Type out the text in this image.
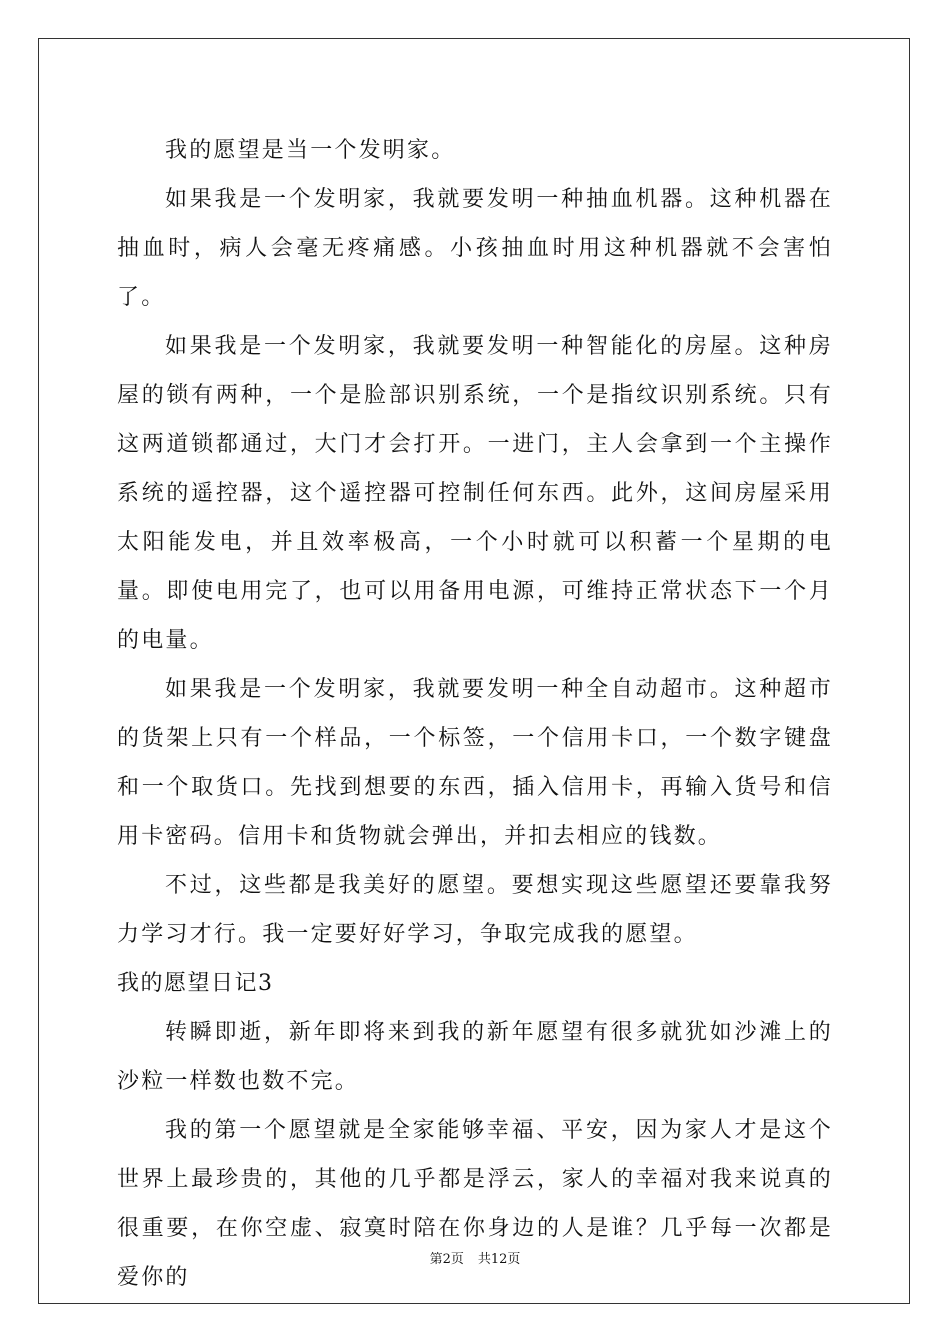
我的愿望是当一个发明家。

如果我是一个发明家，我就要发明一种抽血机器。这种机器在抽血时，病人会毫无疼痛感。小孩抽血时用这种机器就不会害怕了。

如果我是一个发明家，我就要发明一种智能化的房屋。这种房屋的锁有两种，一个是脸部识别系统，一个是指纹识别系统。只有这两道锁都通过，大门才会打开。一进门，主人会拿到一个主操作系统的遥控器，这个遥控器可控制任何东西。此外，这间房屋采用太阳能发电，并且效率极高，一个小时就可以积蓄一个星期的电量。即使电用完了，也可以用备用电源，可维持正常状态下一个月的电量。

如果我是一个发明家，我就要发明一种全自动超市。这种超市的货架上只有一个样品，一个标签，一个信用卡口，一个数字键盘和一个取货口。先找到想要的东西，插入信用卡，再输入货号和信用卡密码。信用卡和货物就会弹出，并扣去相应的钱数。

不过，这些都是我美好的愿望。要想实现这些愿望还要靠我努力学习才行。我一定要好好学习，争取完成我的愿望。

我的愿望日记3

转瞬即逝，新年即将来到我的新年愿望有很多就犹如沙滩上的沙粒一样数也数不完。

我的第一个愿望就是全家能够幸福、平安，因为家人才是这个世界上最珍贵的，其他的几乎都是浮云，家人的幸福对我来说真的很重要，在你空虚、寂寞时陪在你身边的人是谁？几乎每一次都是爱你的

第2页 共12页
